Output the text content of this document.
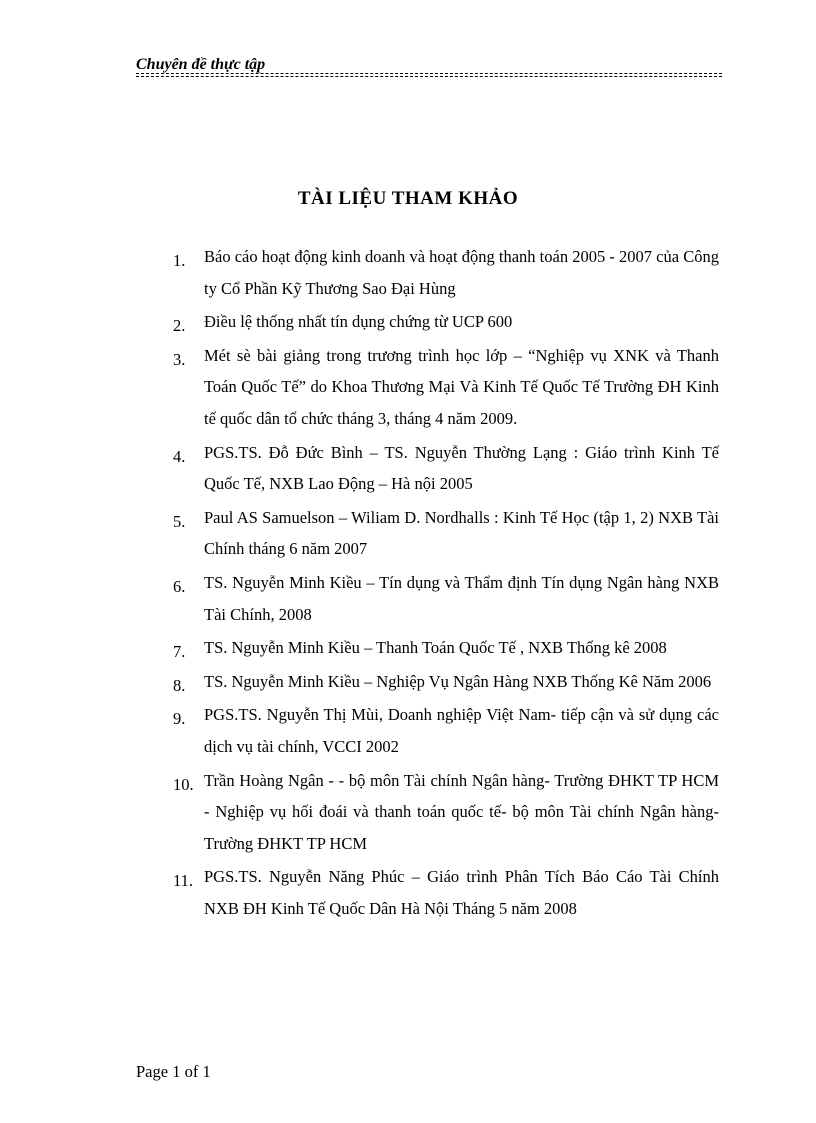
Chuyên đề thực tập
TÀI LIỆU THAM KHẢO
1. Báo cáo hoạt động kinh doanh và hoạt động thanh toán 2005 - 2007 của Công ty Cổ Phần Kỹ Thương Sao Đại Hùng
2. Điều lệ thống nhất tín dụng chứng từ UCP 600
3. Mét sè bài giảng trong trương trình học lớp – “Nghiệp vụ XNK và Thanh Toán Quốc Tế” do Khoa Thương Mại Và Kinh Tế Quốc Tế Trường ĐH Kinh tế quốc dân tổ chức tháng 3, tháng 4 năm 2009.
4. PGS.TS. Đỗ Đức Bình – TS. Nguyễn Thường Lạng : Giáo trình Kinh Tế Quốc Tế, NXB Lao Động – Hà nội 2005
5. Paul AS Samuelson – Wiliam D. Nordhalls : Kinh Tế Học (tập 1, 2) NXB Tài Chính tháng 6 năm 2007
6. TS. Nguyễn Minh Kiều – Tín dụng và Thẩm định Tín dụng Ngân hàng NXB Tài Chính, 2008
7. TS. Nguyễn Minh Kiều – Thanh Toán Quốc Tế , NXB Thống kê 2008
8. TS. Nguyễn Minh Kiều – Nghiệp Vụ Ngân Hàng NXB Thống Kê Năm 2006
9. PGS.TS. Nguyễn Thị Mùi, Doanh nghiệp Việt Nam- tiếp cận và sử dụng các dịch vụ tài chính, VCCI 2002
10. Trần Hoàng Ngân - - bộ môn Tài chính Ngân hàng- Trường ĐHKT TP HCM - Nghiệp vụ hối đoái và thanh toán quốc tế- bộ môn Tài chính Ngân hàng- Trường ĐHKT TP HCM
11. PGS.TS. Nguyễn Năng Phúc – Giáo trình Phân Tích Báo Cáo Tài Chính NXB ĐH Kinh Tế Quốc Dân Hà Nội Tháng 5 năm 2008
Page 1 of 1
